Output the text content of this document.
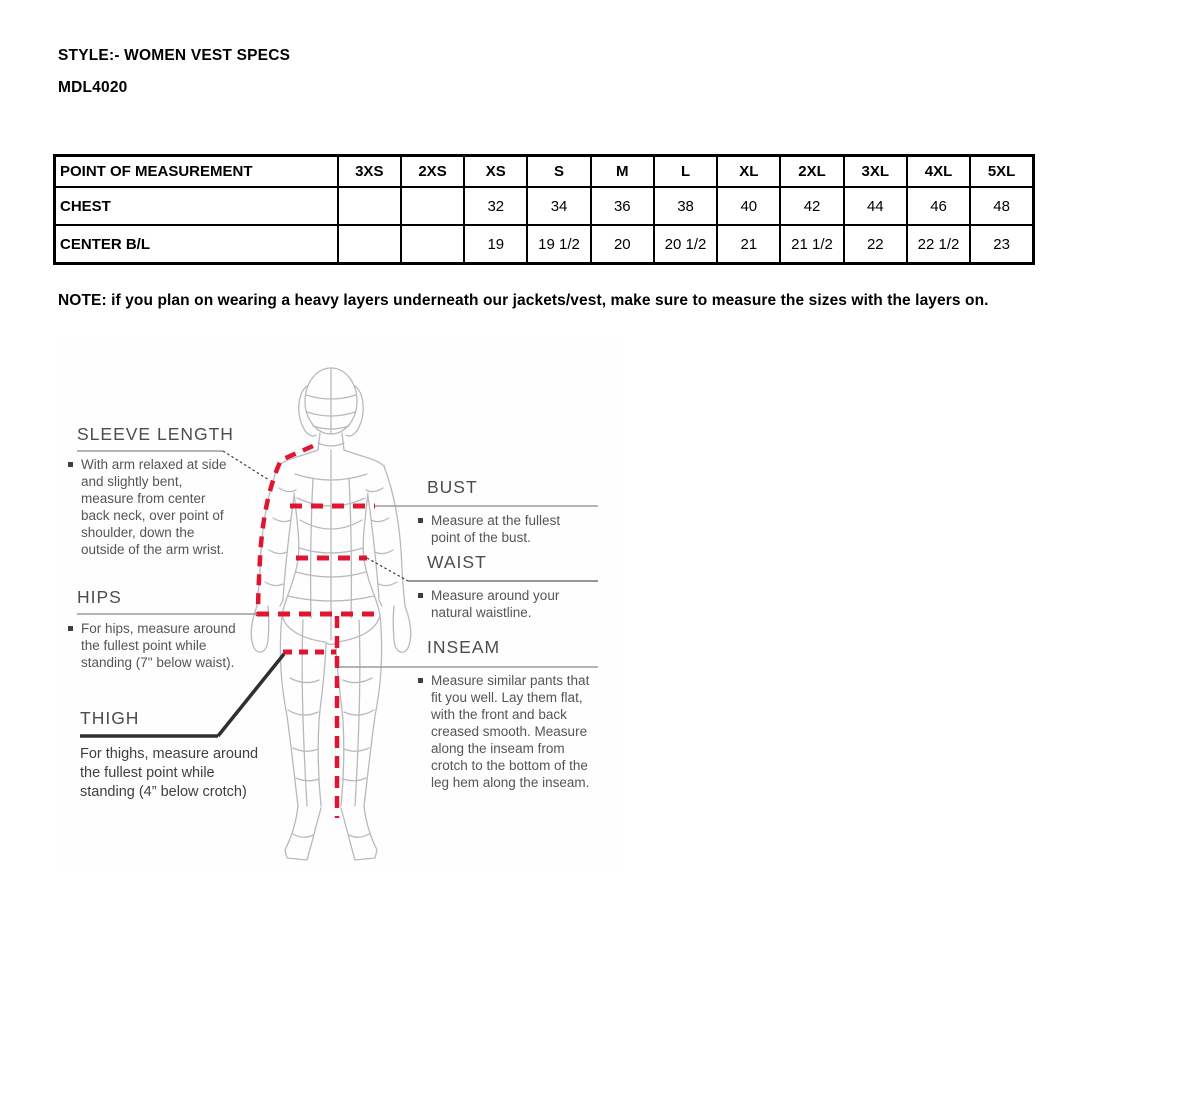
STYLE:- WOMEN VEST SPECS
MDL4020
POINT OF MEASUREMENT	3XS	2XS	XS	S	M	L	XL	2XL	3XL	4XL	5XL
CHEST			32	34	36	38	40	42	44	46	48
CENTER B/L			19	19 1/2	20	20 1/2	21	21 1/2	22	22 1/2	23
NOTE: if you plan on wearing a heavy layers underneath our jackets/vest, make sure to measure the sizes with the layers on.
SLEEVE LENGTH
With arm relaxed at side and slightly bent, measure from center back neck, over point of shoulder, down the outside of the arm wrist.
HIPS
For hips, measure around the fullest point while standing (7" below waist).
THIGH
For thighs, measure around the fullest point while standing (4” below crotch)
BUST
Measure at the fullest point of the bust.
WAIST
Measure around your natural waistline.
INSEAM
Measure similar pants that fit you well. Lay them flat, with the front and back creased smooth. Measure along the inseam from crotch to the bottom of the leg hem along the inseam.
